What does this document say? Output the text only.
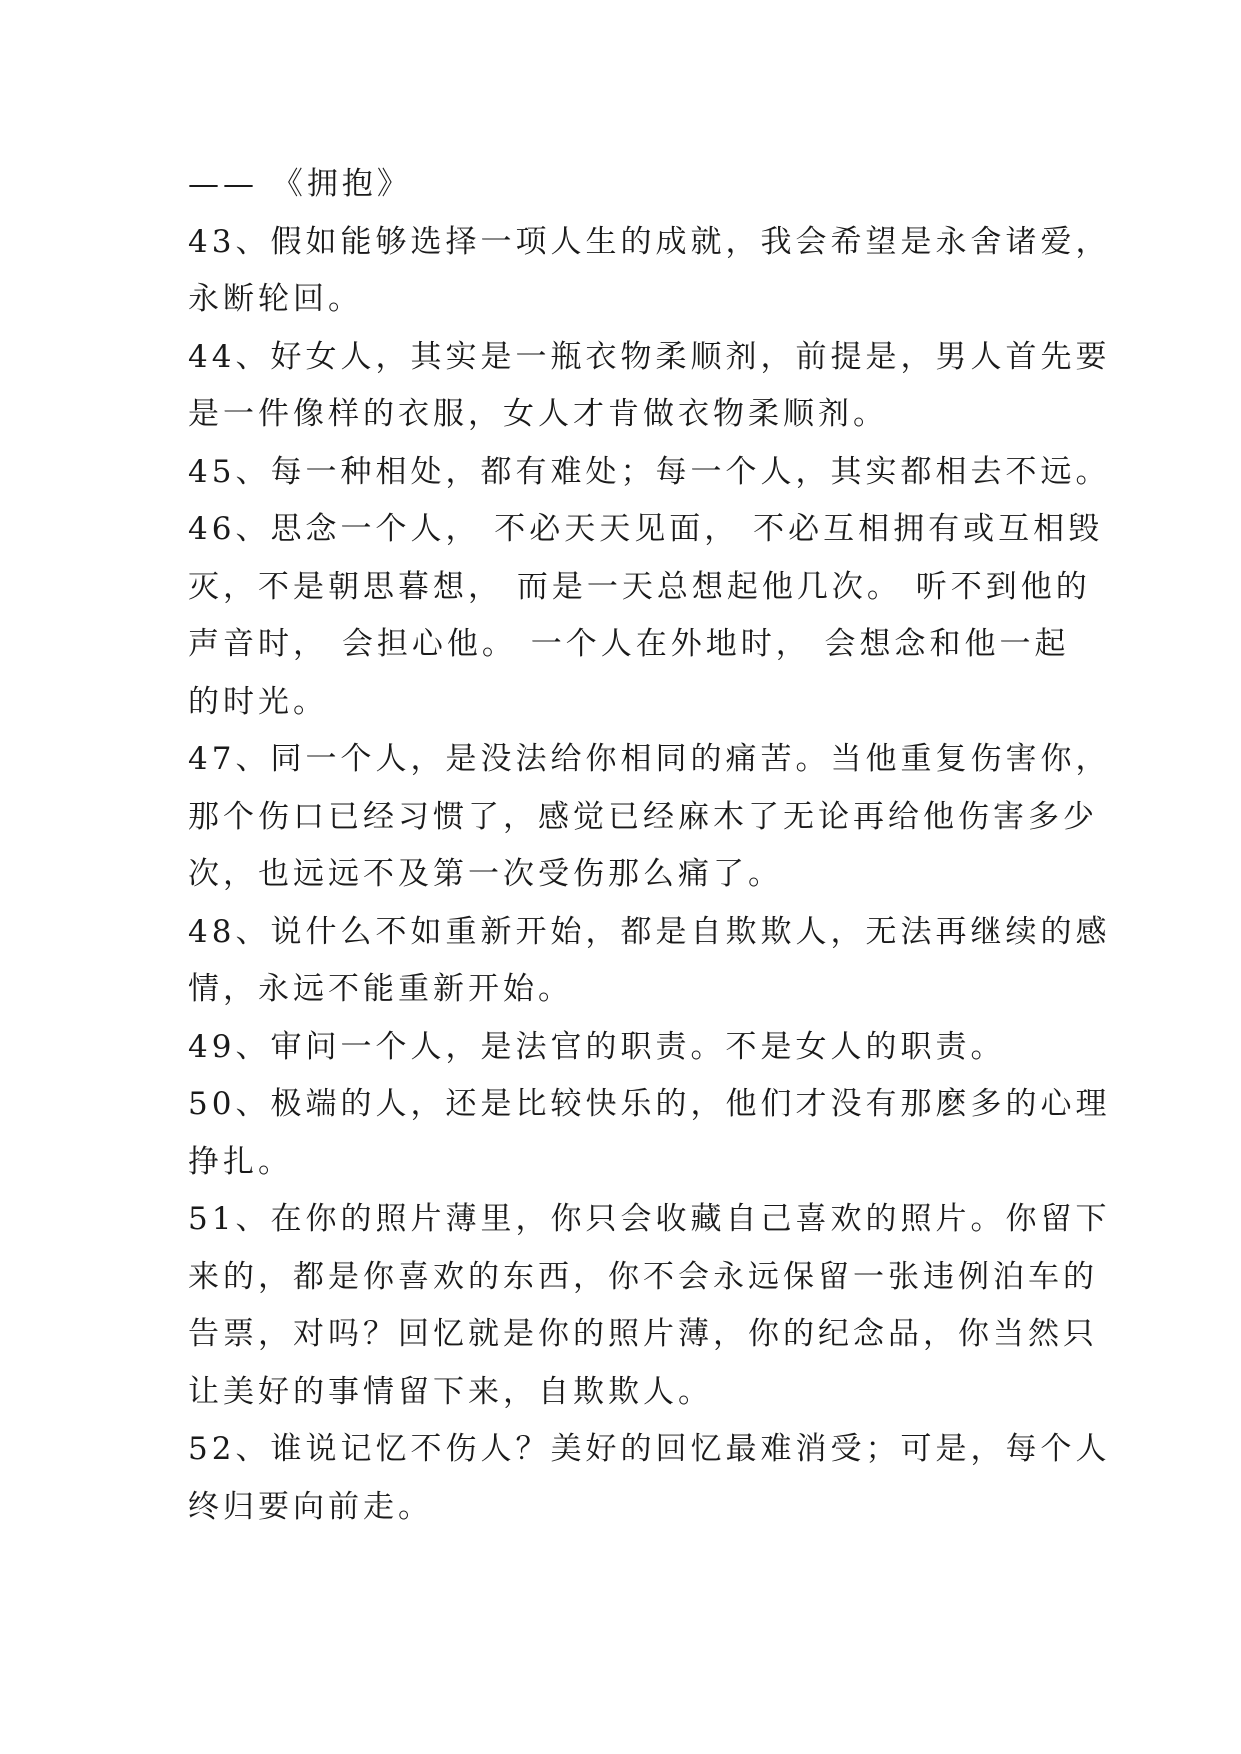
—— 《拥抱》
43、假如能够选择一项人生的成就，我会希望是永舍诸爱，
永断轮回。
44、好女人，其实是一瓶衣物柔顺剂，前提是，男人首先要
是一件像样的衣服，女人才肯做衣物柔顺剂。
45、每一种相处，都有难处；每一个人，其实都相去不远。
46、思念一个人， 不必天天见面， 不必互相拥有或互相毁
灭，不是朝思暮想， 而是一天总想起他几次。 听不到他的
声音时， 会担心他。 一个人在外地时， 会想念和他一起
的时光。
47、同一个人，是没法给你相同的痛苦。当他重复伤害你，
那个伤口已经习惯了，感觉已经麻木了无论再给他伤害多少
次，也远远不及第一次受伤那么痛了。
48、说什么不如重新开始，都是自欺欺人，无法再继续的感
情，永远不能重新开始。
49、审问一个人，是法官的职责。不是女人的职责。
50、极端的人，还是比较快乐的，他们才没有那麽多的心理
挣扎。
51、在你的照片薄里，你只会收藏自己喜欢的照片。你留下
来的，都是你喜欢的东西，你不会永远保留一张违例泊车的
告票，对吗？回忆就是你的照片薄，你的纪念品，你当然只
让美好的事情留下来，自欺欺人。
52、谁说记忆不伤人？美好的回忆最难消受；可是，每个人
终归要向前走。
